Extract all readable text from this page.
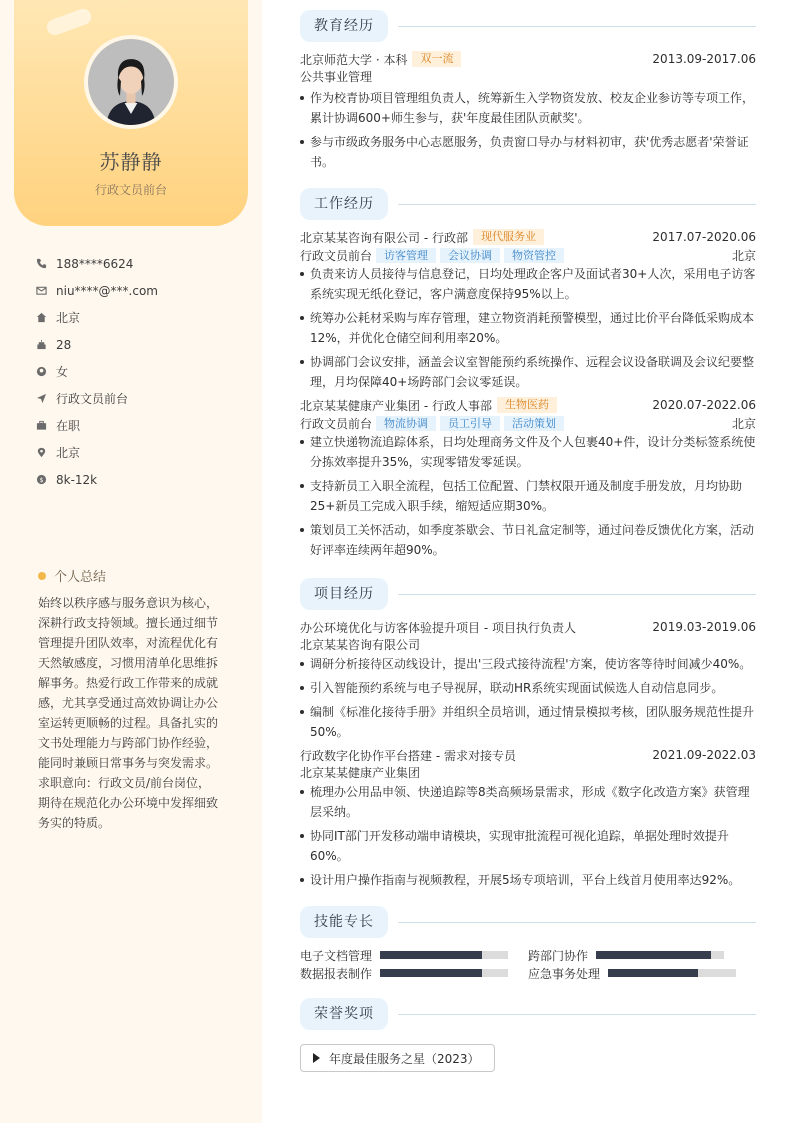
苏静静
行政文员前台
188****6624
niu****@***.com
北京
28
女
行政文员前台
在职
北京
$ 8k-12k
个人总结
始终以秩序感与服务意识为核心，深耕行政支持领域。擅长通过细节管理提升团队效率，对流程优化有天然敏感度，习惯用清单化思维拆解事务。热爱行政工作带来的成就感，尤其享受通过高效协调让办公室运转更顺畅的过程。具备扎实的文书处理能力与跨部门协作经验，能同时兼顾日常事务与突发需求。求职意向：行政文员/前台岗位，期待在规范化办公环境中发挥细致务实的特质。
教育经历
北京师范大学 · 本科	双一流	2013.09-2017.06
公共事业管理
作为校青协项目管理组负责人，统筹新生入学物资发放、校友企业参访等专项工作，累计协调600+师生参与，获'年度最佳团队贡献奖'。
参与市级政务服务中心志愿服务，负责窗口导办与材料初审，获'优秀志愿者'荣誉证书。
工作经历
北京某某咨询有限公司 - 行政部	现代服务业	2017.07-2020.06
行政文员前台	访客管理	会议协调	物资管控	北京
负责来访人员接待与信息登记，日均处理政企客户及面试者30+人次，采用电子访客系统实现无纸化登记，客户满意度保持95%以上。
统筹办公耗材采购与库存管理，建立物资消耗预警模型，通过比价平台降低采购成本12%，并优化仓储空间利用率20%。
协调部门会议安排，涵盖会议室智能预约系统操作、远程会议设备联调及会议纪要整理，月均保障40+场跨部门会议零延误。
北京某某健康产业集团 - 行政人事部	生物医药	2020.07-2022.06
行政文员前台	物流协调	员工引导	活动策划	北京
建立快递物流追踪体系，日均处理商务文件及个人包裹40+件，设计分类标签系统使分拣效率提升35%，实现零错发零延误。
支持新员工入职全流程，包括工位配置、门禁权限开通及制度手册发放，月均协助25+新员工完成入职手续，缩短适应期30%。
策划员工关怀活动，如季度茶歇会、节日礼盒定制等，通过问卷反馈优化方案，活动好评率连续两年超90%。
项目经历
办公环境优化与访客体验提升项目 - 项目执行负责人	2019.03-2019.06
北京某某咨询有限公司
调研分析接待区动线设计，提出'三段式接待流程'方案，使访客等待时间减少40%。
引入智能预约系统与电子导视屏，联动HR系统实现面试候选人自动信息同步。
编制《标准化接待手册》并组织全员培训，通过情景模拟考核，团队服务规范性提升50%。
行政数字化协作平台搭建 - 需求对接专员	2021.09-2022.03
北京某某健康产业集团
梳理办公用品申领、快递追踪等8类高频场景需求，形成《数字化改造方案》获管理层采纳。
协同IT部门开发移动端申请模块，实现审批流程可视化追踪，单据处理时效提升60%。
设计用户操作指南与视频教程，开展5场专项培训，平台上线首月使用率达92%。
技能专长
电子文档管理	跨部门协作
数据报表制作	应急事务处理
荣誉奖项
年度最佳服务之星（2023）
